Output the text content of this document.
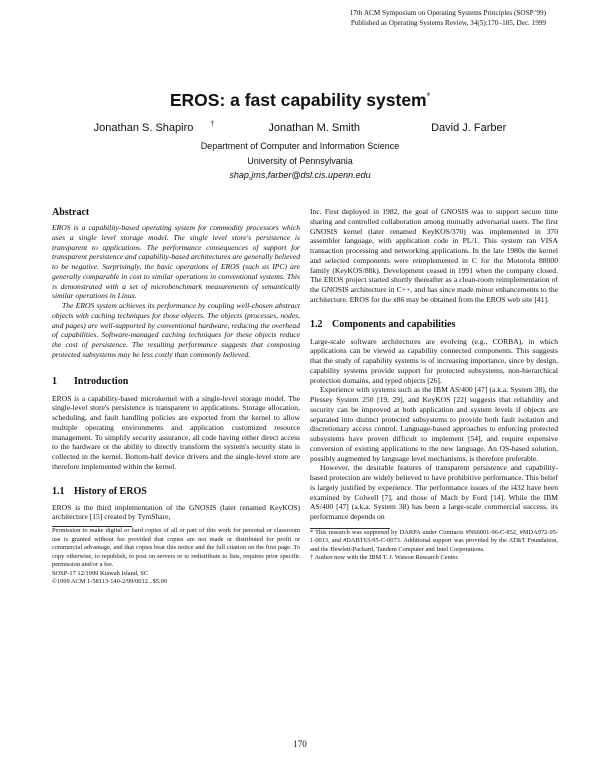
17th ACM Symposium on Operating Systems Principles (SOSP '99)
Published as Operating Systems Review, 34(5):170–185, Dec. 1999
EROS: a fast capability system*
Jonathan S. Shapiro †	Jonathan M. Smith	David J. Farber
Department of Computer and Information Science
University of Pennsylvania
shap,jms,farber@dsl.cis.upenn.edu
Abstract

EROS is a capability-based operating system for commodity processors which uses a single level storage model. The single level store's persistence is transparent to applications. The performance consequences of support for transparent persistence and capability-based architectures are generally believed to be negative. Surprisingly, the basic operations of EROS (such as IPC) are generally comparable in cost to similar operations in conventional systems. This is demonstrated with a set of microbenchmark measurements of semantically similar operations in Linux.

The EROS system achieves its performance by coupling well-chosen abstract objects with caching techniques for those objects. The objects (processes, nodes, and pages) are well-supported by conventional hardware, reducing the overhead of capabilities. Software-managed caching techniques for these objects reduce the cost of persistence. The resulting performance suggests that composing protected subsystems may be less costly than commonly believed.

1 Introduction

EROS is a capability-based microkernel with a single-level storage model. The single-level store's persistence is transparent to applications. Storage allocation, scheduling, and fault handling policies are exported from the kernel to allow multiple operating environments and application customized resource management. To simplify security assurance, all code having either direct access to the hardware or the ability to directly transform the system's security state is collected in the kernel. Bottom-half device drivers and the single-level store are therefore implemented within the kernel.

1.1 History of EROS

EROS is the third implementation of the GNOSIS (later renamed KeyKOS) architecture [15] created by TymShare,

Permission to make digital or hard copies of all or part of this work for personal or classroom use is granted without fee provided that copies are not made or distributed for profit or commercial advantage, and that copies bear this notice and the full citation on the first page. To copy otherwise, to republish, to post on servers or to redistribute to lists, requires prior specific permission and/or a fee.

SOSP-17 12/1999 Kiawah Island, SC

©1999 ACM 1-58113-140-2/99/0012...$5.00

Inc. First deployed in 1982, the goal of GNOSIS was to support secure time sharing and controlled collaboration among mutually adversarial users. The first GNOSIS kernel (later renamed KeyKOS/370) was implemented in 370 assembler language, with application code in PL/1. This system ran VISA transaction processing and networking applications. In the late 1980s the kernel and selected components were reimplemented in C for the Motorola 88000 family (KeyKOS/88k). Development ceased in 1991 when the company closed. The EROS project started shortly thereafter as a clean-room reimplementation of the GNOSIS architecture in C++, and has since made minor enhancements to the architecture. EROS for the x86 may be obtained from the EROS web site [41].

1.2 Components and capabilities

Large-scale software architectures are evolving (e.g., CORBA), in which applications can be viewed as capability connected components. This suggests that the study of capability systems is of increasing importance, since by design, capability systems provide support for protected subsystems, non-hierarchical protection domains, and typed objects [26].

Experience with systems such as the IBM AS/400 [47] (a.k.a. System 38), the Plessey System 250 [19, 29], and KeyKOS [22] suggests that reliability and security can be improved at both application and system levels if objects are separated into distinct protected subsystems to provide both fault isolation and discretionary access control. Language-based approaches to enforcing protected subsystems have proven difficult to implement [54], and require expensive conversion of existing applications to the new language. An OS-based solution, possibly augmented by language level mechanisms, is therefore preferable.

However, the desirable features of transparent persistence and capability-based protection are widely believed to have prohibitive performance. This belief is largely justified by experience. The performance issues of the i432 have been examined by Colwell [7], and those of Mach by Ford [14]. While the IBM AS/400 [47] (a.k.a. System 38) has been a large-scale commercial success, its performance depends on

* This research was supported by DARPA under Contracts #N66001-96-C-852, #MDA972-95-1-0013, and #DABT63-95-C-0073. Additional support was provided by the AT&T Foundation, and the Hewlett-Packard, Tandem Computer and Intel Corporations.

† Author now with the IBM T. J. Watson Research Center.

170
